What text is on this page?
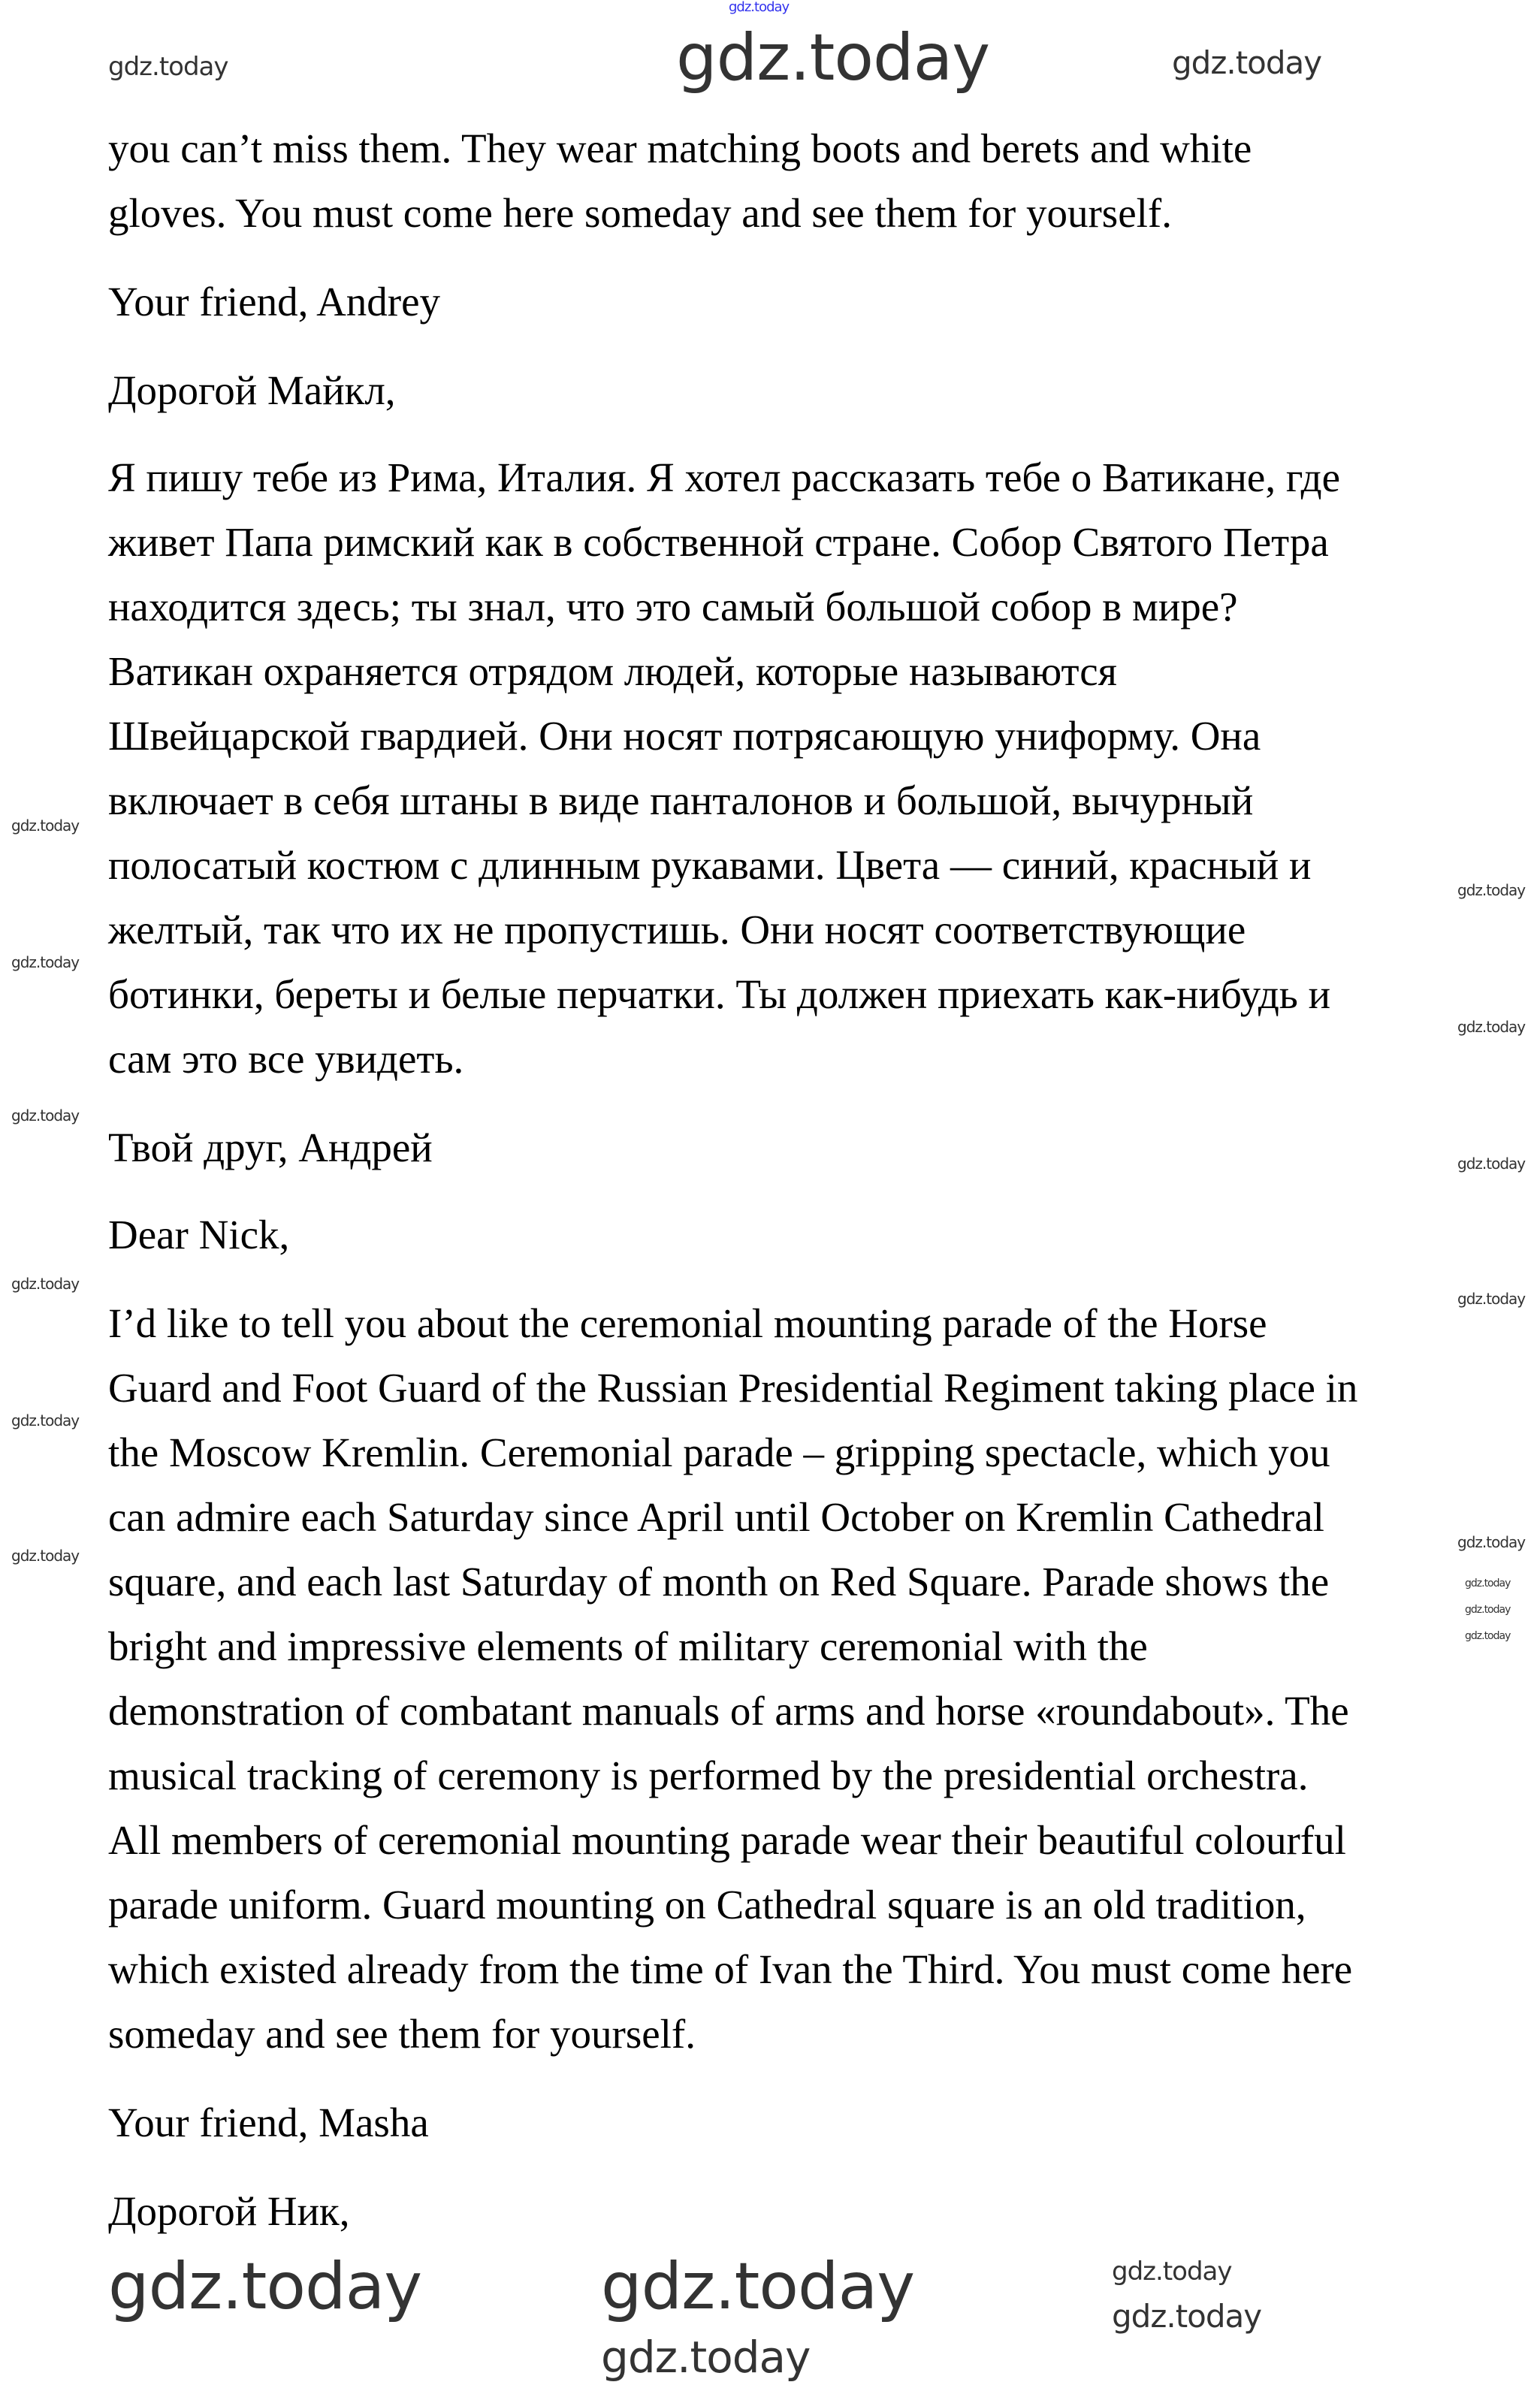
gdz.today
you can’t miss them. They wear matching boots and berets and white
gloves. You must come here someday and see them for yourself.
Your friend, Andrey
Дорогой Майкл,
Я пишу тебе из Рима, Италия. Я хотел рассказать тебе о Ватикане, где
живет Папа римский как в собственной стране. Собор Святого Петра
находится здесь; ты знал, что это самый большой собор в мире?
Ватикан охраняется отрядом людей, которые называются
Швейцарской гвардией. Они носят потрясающую униформу. Она
включает в себя штаны в виде панталонов и большой, вычурный
полосатый костюм с длинным рукавами. Цвета — синий, красный и
желтый, так что их не пропустишь. Они носят соответствующие
ботинки, береты и белые перчатки. Ты должен приехать как-нибудь и
сам это все увидеть.
Твой друг, Андрей
Dear Nick,
I’d like to tell you about the ceremonial mounting parade of the Horse
Guard and Foot Guard of the Russian Presidential Regiment taking place in
the Moscow Kremlin. Ceremonial parade – gripping spectacle, which you
can admire each Saturday since April until October on Kremlin Cathedral
square, and each last Saturday of month on Red Square. Parade shows the
bright and impressive elements of military ceremonial with the
demonstration of combatant manuals of arms and horse «roundabout». The
musical tracking of ceremony is performed by the presidential orchestra.
All members of ceremonial mounting parade wear their beautiful colourful
parade uniform. Guard mounting on Cathedral square is an old tradition,
which existed already from the time of Ivan the Third. You must come here
someday and see them for yourself.
Your friend, Masha
Дорогой Ник,
gdz.today
gdz.today	gdz.today
gdz.today
gdz.today
gdz.today
gdz.today
gdz.today
gdz.today
gdz.today
gdz.today
gdz.today
gdz.today
gdz.today
gdz.today
gdz.today
gdz.today
gdz.today	gdz.today	gdz.today
gdz.today
gdz.today
